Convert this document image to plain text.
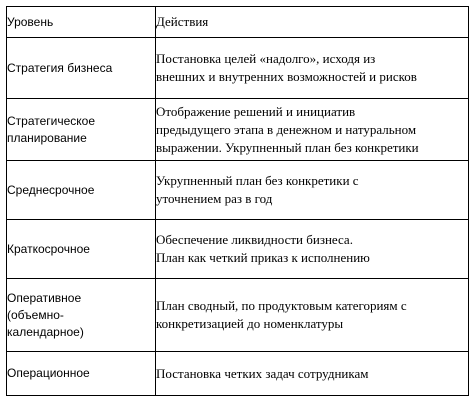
Уровень	Действия

Стратегия бизнеса	Постановка целей «надолго», исходя из
внешних и внутренних возможностей и рисков

Стратегическое
планирование	Отображение решений и инициатив
предыдущего этапа в денежном и натуральном
выражении. Укрупненный план без конкретики

Среднесрочное	Укрупненный план без конкретики с
уточнением раз в год

Краткосрочное	Обеспечение ликвидности бизнеса.
План как четкий приказ к исполнению

Оперативное
(объемно-
календарное)	План сводный, по продуктовым категориям с
конкретизацией до номенклатуры

Операционное	Постановка четких задач сотрудникам
